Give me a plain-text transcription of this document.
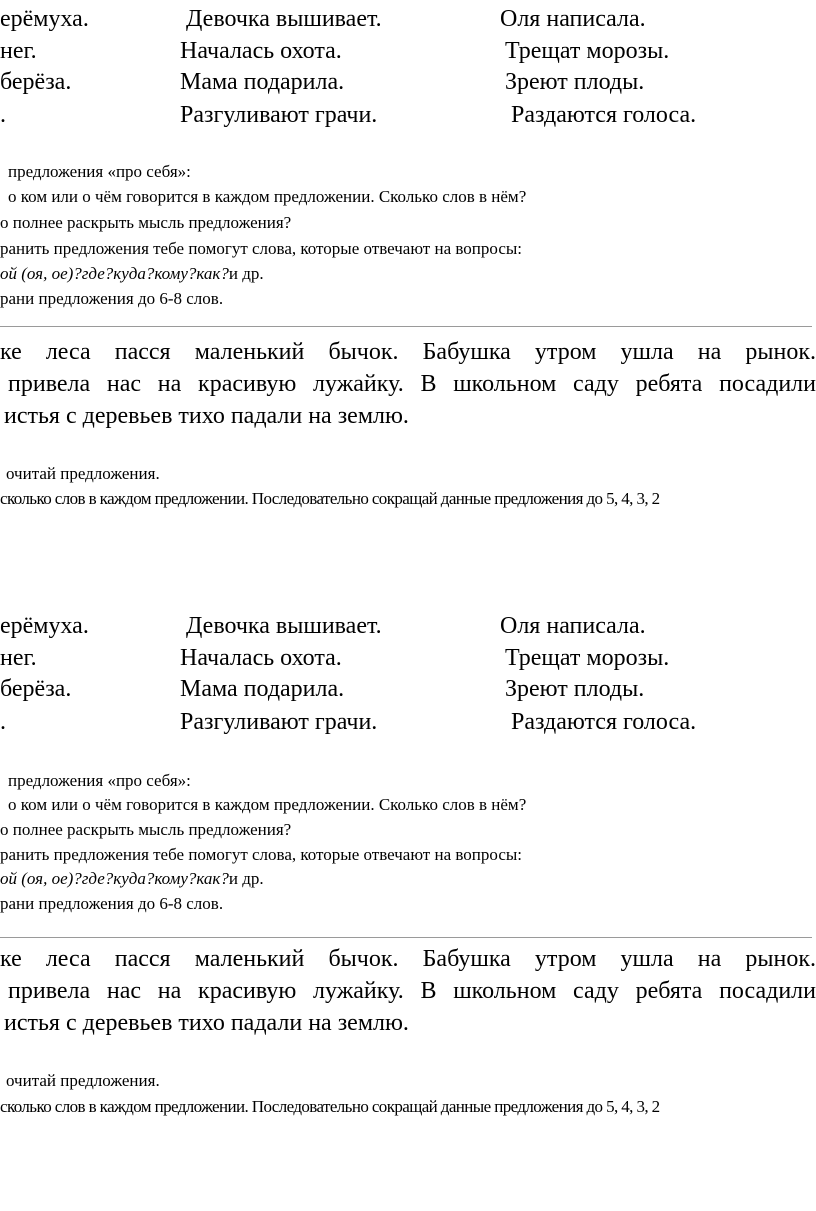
ерёмуха.	Девочка вышивает.	Оля написала.
нег.	Началась охота.	Трещат морозы.
берёза.	Мама подарила.	Зреют плоды.
.	Разгуливают грачи.	Раздаются голоса.
предложения «про себя»:
о ком или о чём говорится в каждом предложении. Сколько слов в нём?
о полнее раскрыть мысль предложения?
ранить предложения тебе помогут слова, которые отвечают на вопросы:
ой (оя, ое)?где?куда?кому?как?и др.
рани предложения до 6-8 слов.
ке леса пасся маленький бычок. Бабушка утром ушла на рынок.
привела нас на красивую лужайку. В школьном саду ребята посадили
истья с деревьев тихо падали на землю.
очитай предложения.
сколько слов в каждом предложении. Последовательно сокращай данные предложения до 5, 4, 3, 2
ерёмуха.	Девочка вышивает.	Оля написала.
нег.	Началась охота.	Трещат морозы.
берёза.	Мама подарила.	Зреют плоды.
.	Разгуливают грачи.	Раздаются голоса.
предложения «про себя»:
о ком или о чём говорится в каждом предложении. Сколько слов в нём?
о полнее раскрыть мысль предложения?
ранить предложения тебе помогут слова, которые отвечают на вопросы:
ой (оя, ое)?где?куда?кому?как?и др.
рани предложения до 6-8 слов.
ке леса пасся маленький бычок. Бабушка утром ушла на рынок.
привела нас на красивую лужайку. В школьном саду ребята посадили
истья с деревьев тихо падали на землю.
очитай предложения.
сколько слов в каждом предложении. Последовательно сокращай данные предложения до 5, 4, 3, 2
